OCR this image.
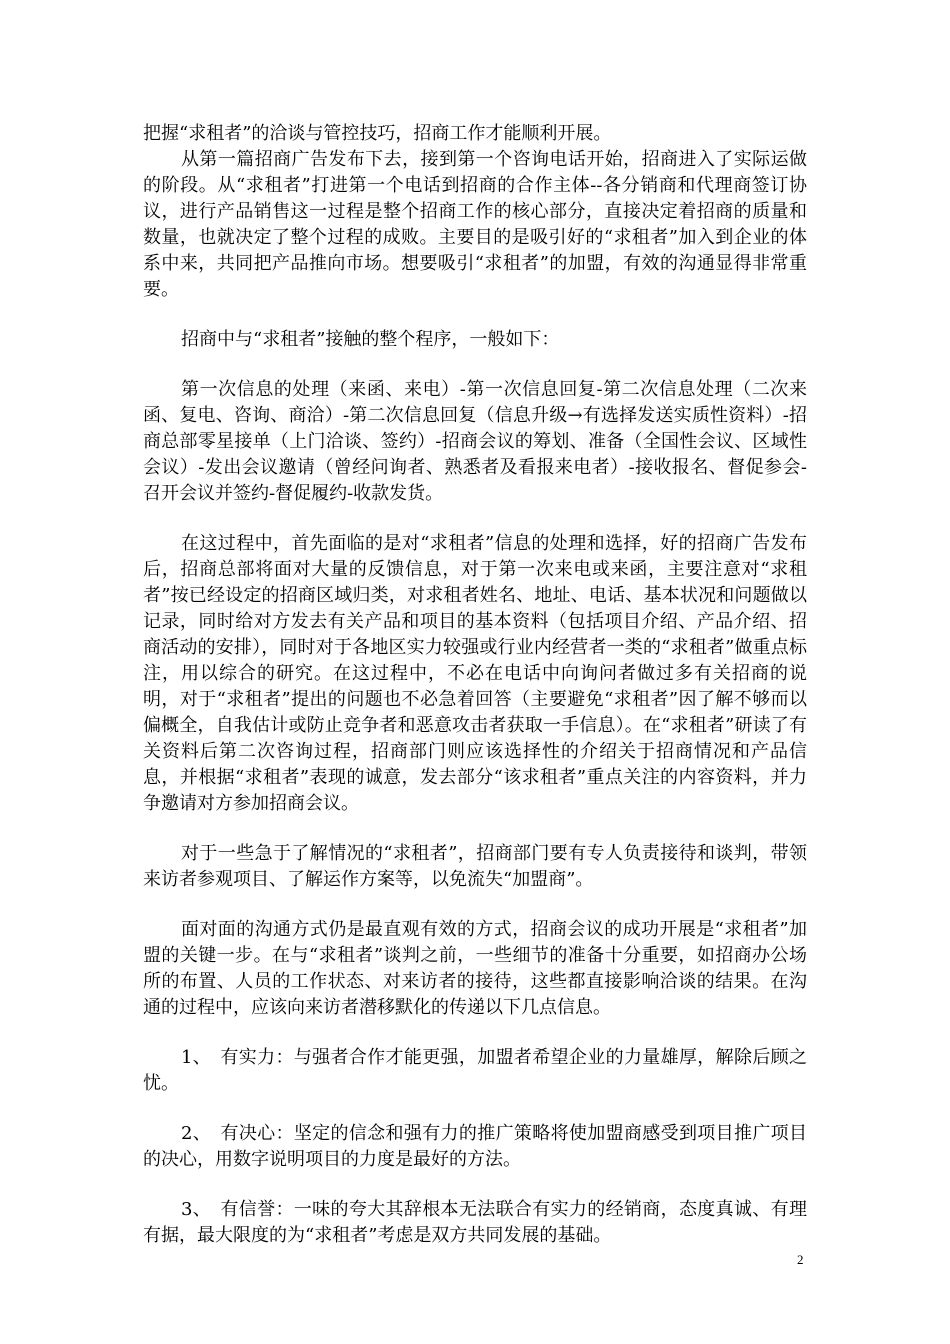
把握“求租者”的洽谈与管控技巧，招商工作才能顺利开展。

从第一篇招商广告发布下去，接到第一个咨询电话开始，招商进入了实际运做的阶段。从“求租者”打进第一个电话到招商的合作主体--各分销商和代理商签订协议，进行产品销售这一过程是整个招商工作的核心部分，直接决定着招商的质量和数量，也就决定了整个过程的成败。主要目的是吸引好的“求租者”加入到企业的体系中来，共同把产品推向市场。想要吸引“求租者”的加盟，有效的沟通显得非常重要。

招商中与“求租者”接触的整个程序，一般如下：

第一次信息的处理（来函、来电）-第一次信息回复-第二次信息处理（二次来函、复电、咨询、商洽）-第二次信息回复（信息升级→有选择发送实质性资料）-招商总部零星接单（上门洽谈、签约）-招商会议的筹划、准备（全国性会议、区域性会议）-发出会议邀请（曾经问询者、熟悉者及看报来电者）-接收报名、督促参会-召开会议并签约-督促履约-收款发货。

在这过程中，首先面临的是对“求租者”信息的处理和选择，好的招商广告发布后，招商总部将面对大量的反馈信息，对于第一次来电或来函，主要注意对“求租者”按已经设定的招商区域归类，对求租者姓名、地址、电话、基本状况和问题做以记录，同时给对方发去有关产品和项目的基本资料（包括项目介绍、产品介绍、招商活动的安排），同时对于各地区实力较强或行业内经营者一类的“求租者”做重点标注，用以综合的研究。在这过程中，不必在电话中向询问者做过多有关招商的说明，对于“求租者”提出的问题也不必急着回答（主要避免“求租者”因了解不够而以偏概全，自我估计或防止竞争者和恶意攻击者获取一手信息）。在“求租者”研读了有关资料后第二次咨询过程，招商部门则应该选择性的介绍关于招商情况和产品信息，并根据“求租者”表现的诚意，发去部分“该求租者”重点关注的内容资料，并力争邀请对方参加招商会议。

对于一些急于了解情况的“求租者”，招商部门要有专人负责接待和谈判，带领来访者参观项目、了解运作方案等，以免流失“加盟商”。

面对面的沟通方式仍是最直观有效的方式，招商会议的成功开展是“求租者”加盟的关键一步。在与“求租者”谈判之前，一些细节的准备十分重要，如招商办公场所的布置、人员的工作状态、对来访者的接待，这些都直接影响洽谈的结果。在沟通的过程中，应该向来访者潜移默化的传递以下几点信息。

1、　有实力：与强者合作才能更强，加盟者希望企业的力量雄厚，解除后顾之忧。

2、　有决心：坚定的信念和强有力的推广策略将使加盟商感受到项目推广项目的决心，用数字说明项目的力度是最好的方法。

3、　有信誉：一味的夸大其辞根本无法联合有实力的经销商，态度真诚、有理有据，最大限度的为“求租者”考虑是双方共同发展的基础。

2
